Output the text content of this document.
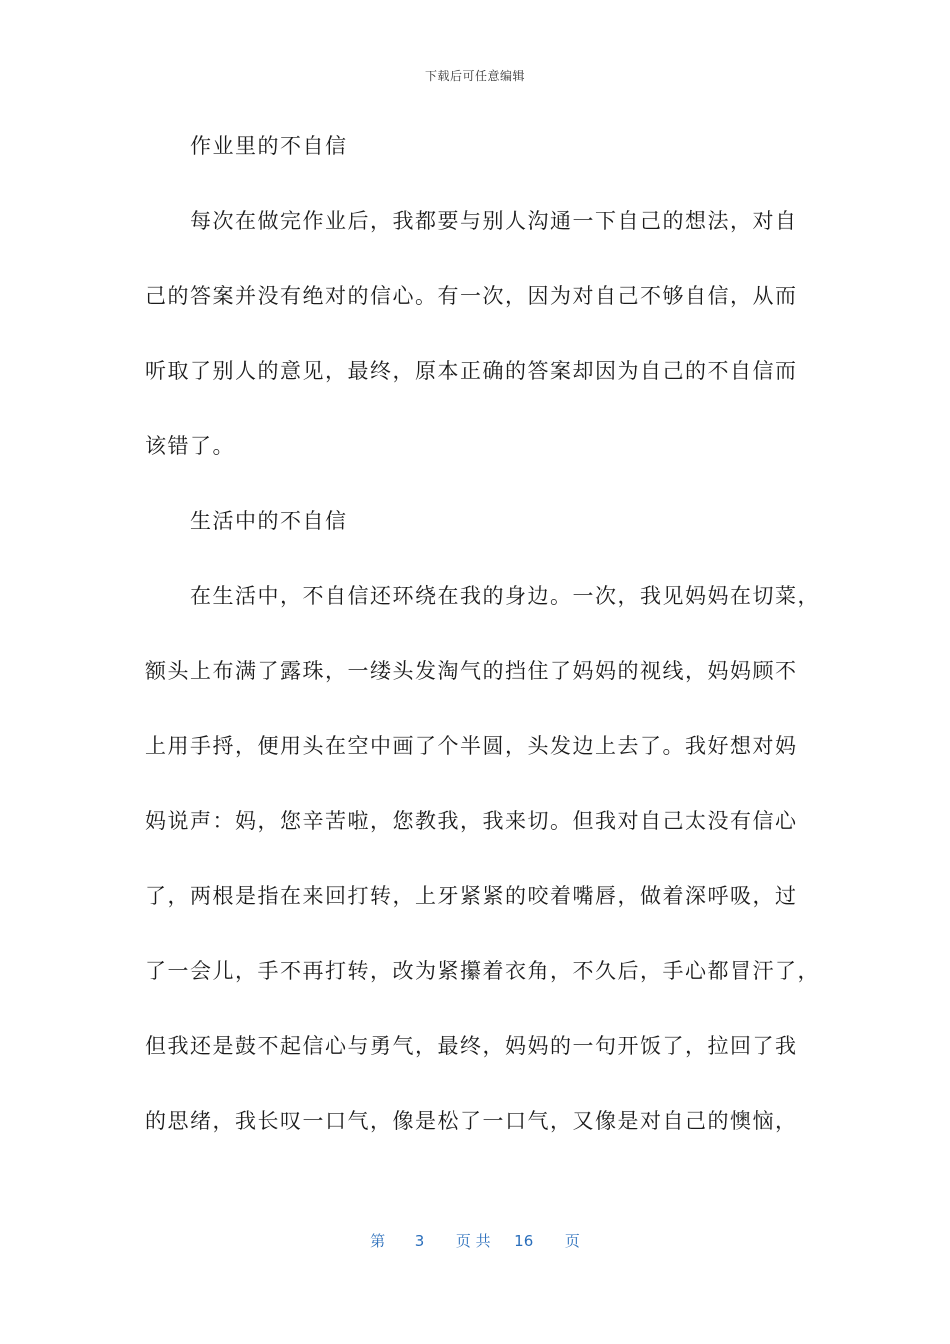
下载后可任意编辑
作业里的不自信
每次在做完作业后，我都要与别人沟通一下自己的想法，对自
己的答案并没有绝对的信心。有一次，因为对自己不够自信，从而
听取了别人的意见，最终，原本正确的答案却因为自己的不自信而
该错了。
生活中的不自信
在生活中，不自信还环绕在我的身边。一次，我见妈妈在切菜，
额头上布满了露珠，一缕头发淘气的挡住了妈妈的视线，妈妈顾不
上用手捋，便用头在空中画了个半圆，头发边上去了。我好想对妈
妈说声：妈，您辛苦啦，您教我，我来切。但我对自己太没有信心
了，两根是指在来回打转，上牙紧紧的咬着嘴唇，做着深呼吸，过
了一会儿，手不再打转，改为紧攥着衣角，不久后，手心都冒汗了，
但我还是鼓不起信心与勇气，最终，妈妈的一句开饭了，拉回了我
的思绪，我长叹一口气，像是松了一口气，又像是对自己的懊恼，
第 3 页 共 16 页
